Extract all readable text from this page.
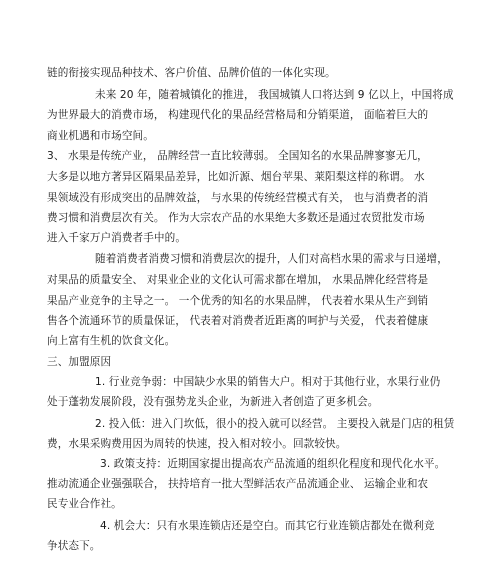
链的衔接实现品种技术、客户价值、品牌价值的一体化实现。
未来 20 年，随着城镇化的推进， 我国城镇人口将达到 9 亿以上，中国将成
为世界最大的消费市场， 构建现代化的果品经营格局和分销渠道， 面临着巨大的
商业机遇和市场空间。
3、 水果是传统产业， 品牌经营一直比较薄弱。 全国知名的水果品牌寥寥无几，
大多是以地方著异区隔果品差异，比如沂源、烟台苹果、莱阳梨这样的称谓。 水
果领域没有形成突出的品牌效益， 与水果的传统经营模式有关， 也与消费者的消
费习惯和消费层次有关。 作为大宗农产品的水果绝大多数还是通过农贸批发市场
进入千家万户消费者手中的。
随着消费者消费习惯和消费层次的提升，人们对高档水果的需求与日递增，
对果品的质量安全、 对果业企业的文化认可需求都在增加， 水果品牌化经营将是
果品产业竞争的主导之一。 一个优秀的知名的水果品牌， 代表着水果从生产到销
售各个流通环节的质量保证， 代表着对消费者近距离的呵护与关爱， 代表着健康
向上富有生机的饮食文化。
三、加盟原因
1. 行业竞争弱：中国缺少水果的销售大户。相对于其他行业，水果行业仍
处于蓬勃发展阶段，没有强势龙头企业，为新进入者创造了更多机会。
2. 投入低：进入门坎低，很小的投入就可以经营。 主要投入就是门店的租赁
费，水果采购费用因为周转的快速，投入相对较小。回款较快。
3. 政策支持：近期国家提出提高农产品流通的组织化程度和现代化水平。
推动流通企业强强联合， 扶持培育一批大型鲜活农产品流通企业、 运输企业和农
民专业合作社。
4. 机会大：只有水果连锁店还是空白。而其它行业连锁店都处在微利竞
争状态下。
